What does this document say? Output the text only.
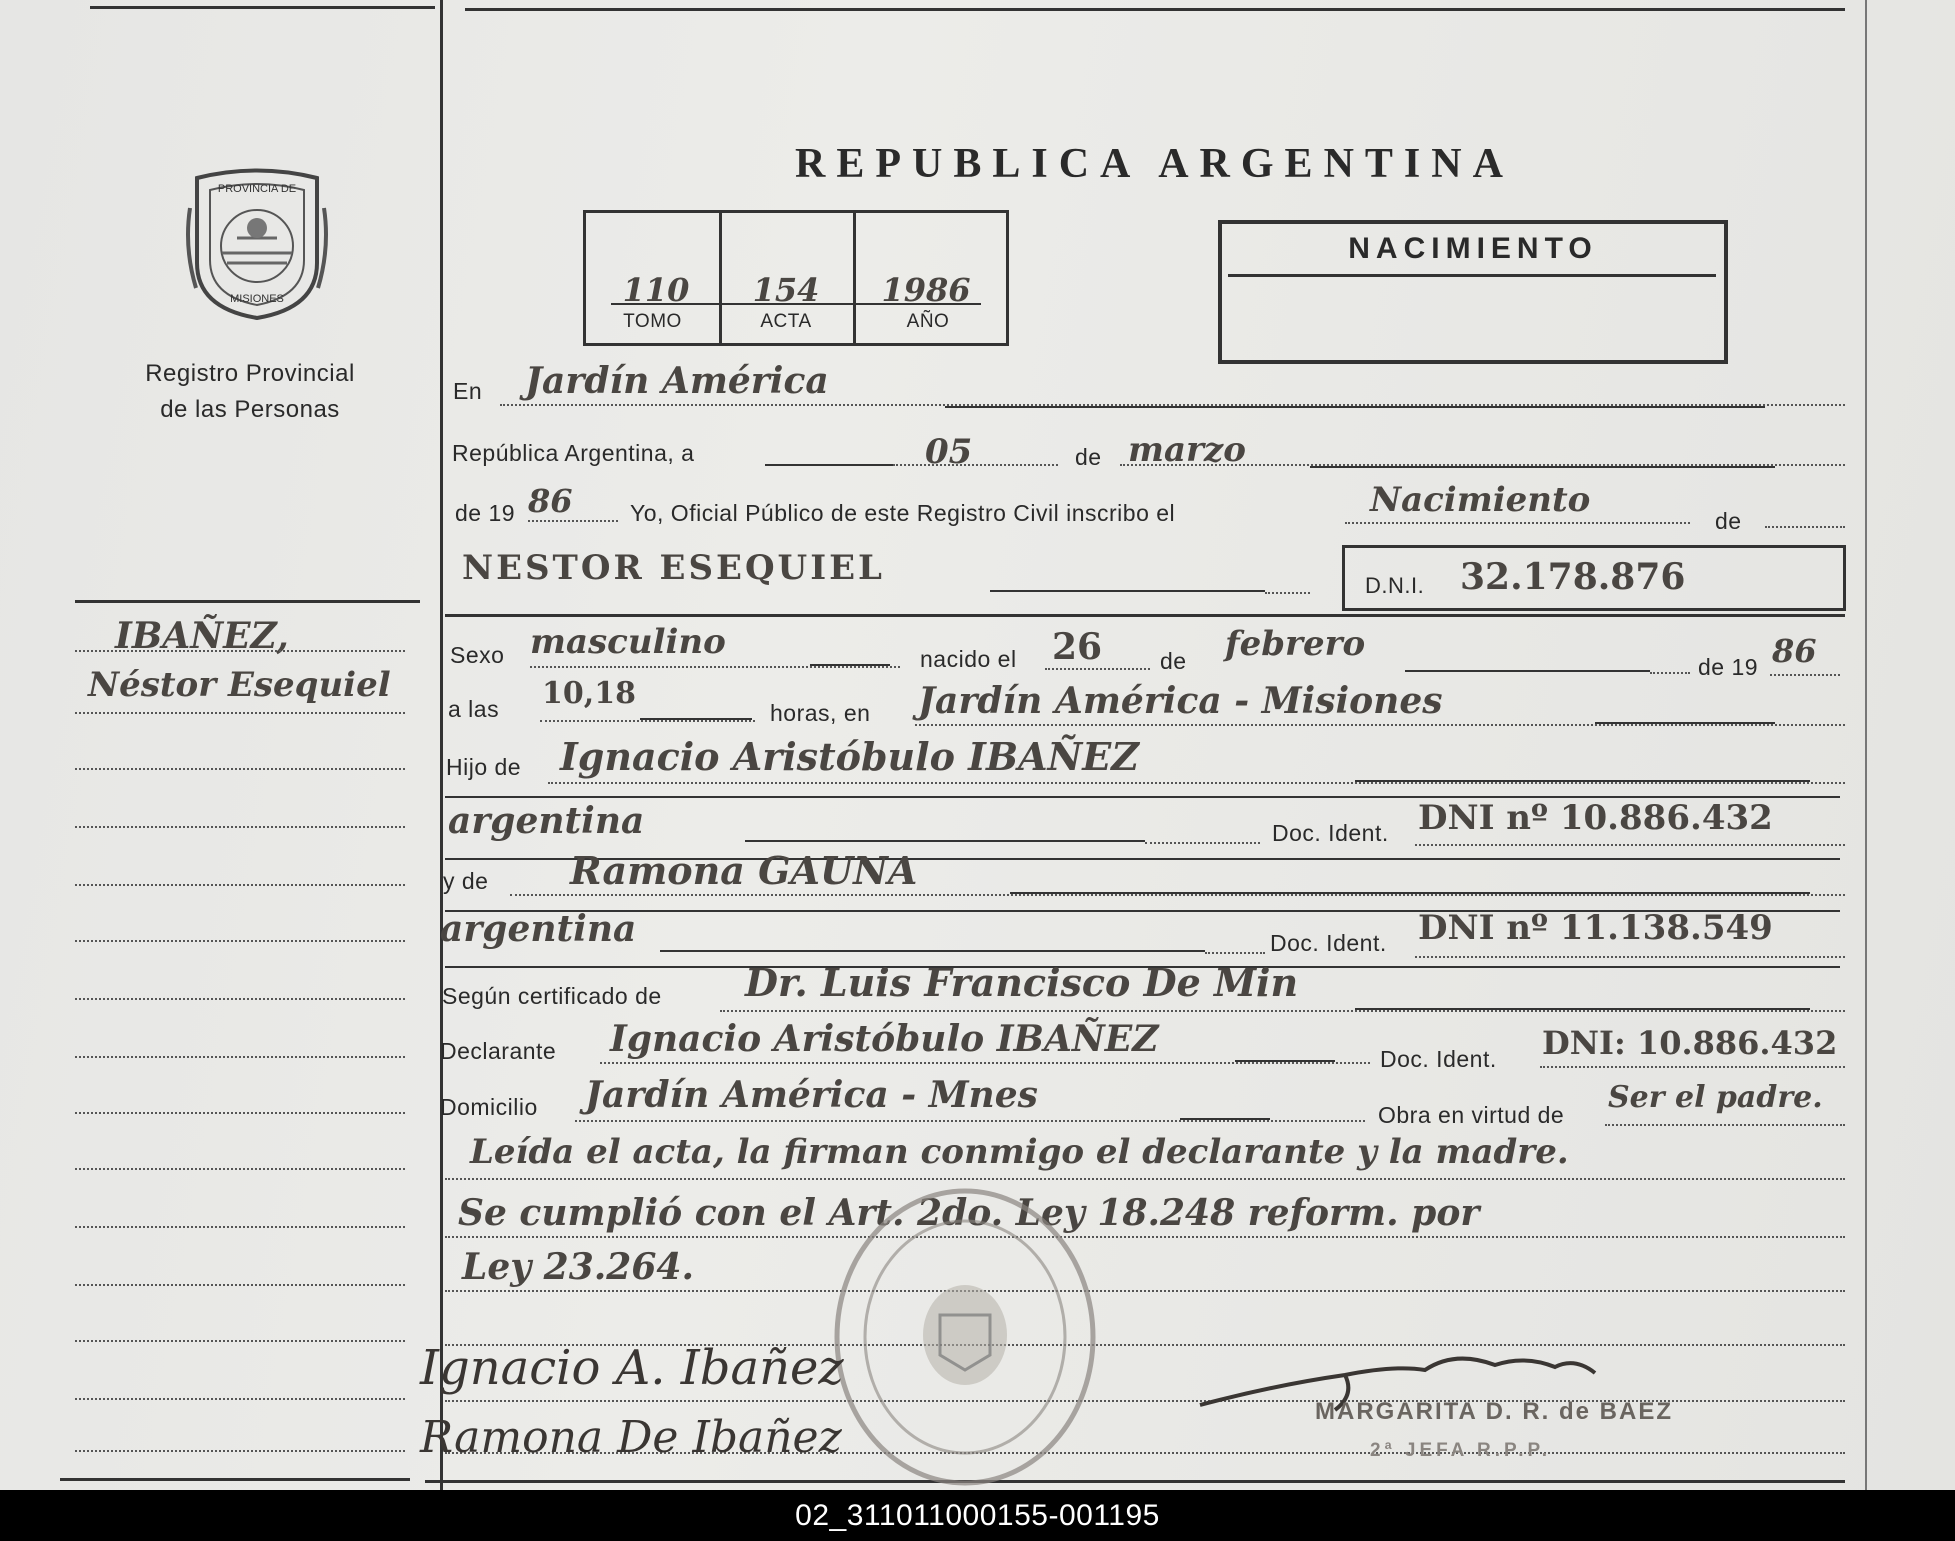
PROVINCIA DE
MISIONES
Registro Provincial
de las Personas
IBAÑEZ,
Néstor Esequiel
REPUBLICA ARGENTINA
110
TOMO
154
ACTA
1986
AÑO
NACIMIENTO
En Jardín América
República Argentina, a	05	de marzo
de 19 86 Yo, Oficial Público de este Registro Civil inscribo el	Nacimiento
de
NESTOR ESEQUIEL	D.N.I. 32.178.876
Sexo masculino	nacido el 26	de febrero
de 19 86
a las 10,18
horas, en Jardín América - Misiones
Hijo de Ignacio Aristóbulo IBAÑEZ
argentina	Doc. Ident. DNI nº 10.886.432
y de Ramona GAUNA
argentina	Doc. Ident. DNI nº 11.138.549
Según certificado de Dr. Luis Francisco De Min
Declarante Ignacio Aristóbulo IBAÑEZ	Doc. Ident. DNI: 10.886.432
Domicilio Jardín América - Mnes	Obra en virtud de Ser el padre.
Leída el acta, la firman conmigo el declarante y la madre.
Se cumplió con el Art. 2do. Ley 18.248 reform. por
Ley 23.264.
Ignacio A. Ibañez
Ramona De Ibañez
MARGARITA D. R. de BAEZ
2ª JEFA R.P.P.
02_311011000155-001195
